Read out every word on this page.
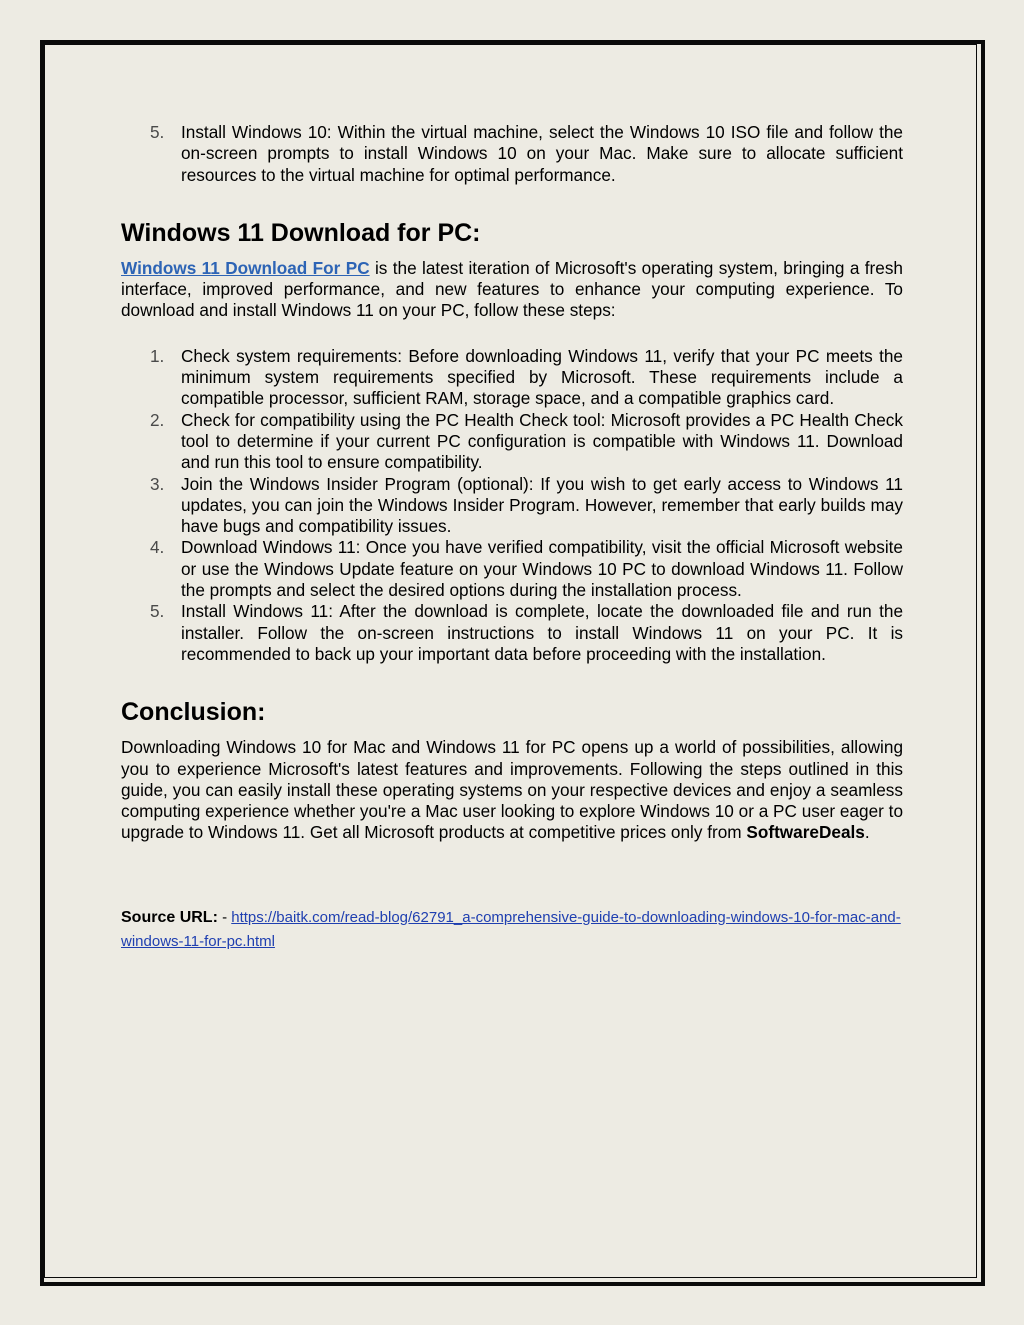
5. Install Windows 10: Within the virtual machine, select the Windows 10 ISO file and follow the on-screen prompts to install Windows 10 on your Mac. Make sure to allocate sufficient resources to the virtual machine for optimal performance.
Windows 11 Download for PC:

Windows 11 Download For PC is the latest iteration of Microsoft's operating system, bringing a fresh interface, improved performance, and new features to enhance your computing experience. To download and install Windows 11 on your PC, follow these steps:

1. Check system requirements: Before downloading Windows 11, verify that your PC meets the minimum system requirements specified by Microsoft. These requirements include a compatible processor, sufficient RAM, storage space, and a compatible graphics card.
2. Check for compatibility using the PC Health Check tool: Microsoft provides a PC Health Check tool to determine if your current PC configuration is compatible with Windows 11. Download and run this tool to ensure compatibility.
3. Join the Windows Insider Program (optional): If you wish to get early access to Windows 11 updates, you can join the Windows Insider Program. However, remember that early builds may have bugs and compatibility issues.
4. Download Windows 11: Once you have verified compatibility, visit the official Microsoft website or use the Windows Update feature on your Windows 10 PC to download Windows 11. Follow the prompts and select the desired options during the installation process.
5. Install Windows 11: After the download is complete, locate the downloaded file and run the installer. Follow the on-screen instructions to install Windows 11 on your PC. It is recommended to back up your important data before proceeding with the installation.
Conclusion:

Downloading Windows 10 for Mac and Windows 11 for PC opens up a world of possibilities, allowing you to experience Microsoft's latest features and improvements. Following the steps outlined in this guide, you can easily install these operating systems on your respective devices and enjoy a seamless computing experience whether you're a Mac user looking to explore Windows 10 or a PC user eager to upgrade to Windows 11. Get all Microsoft products at competitive prices only from SoftwareDeals.

Source URL: - https://baitk.com/read-blog/62791_a-comprehensive-guide-to-downloading-windows-10-for-mac-and-windows-11-for-pc.html
